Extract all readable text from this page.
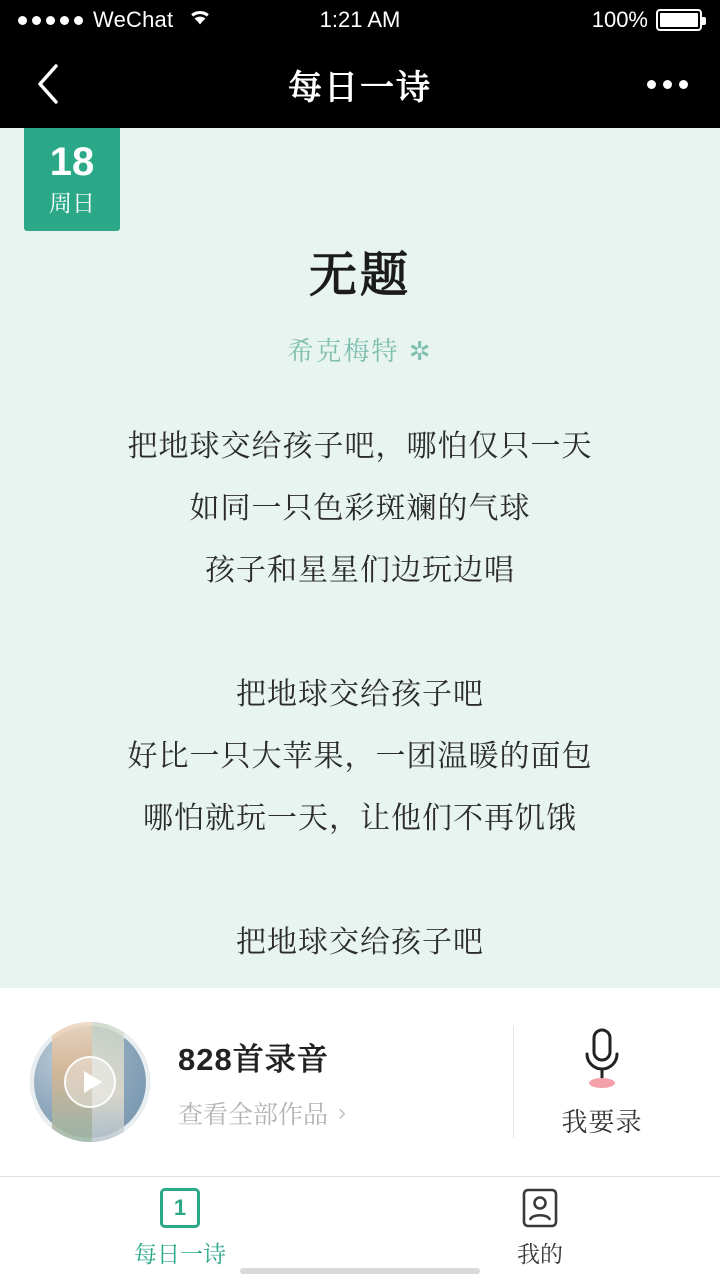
WeChat	1:21 AM	100%
每日一诗
18
周日
无题
希克梅特 ✲

把地球交给孩子吧，哪怕仅只一天

如同一只色彩斑斓的气球

孩子和星星们边玩边唱

把地球交给孩子吧

好比一只大苹果，一团温暖的面包

哪怕就玩一天，让他们不再饥饿

把地球交给孩子吧

828首录音
查看全部作品 ›	我要录
1
每日一诗	我的
